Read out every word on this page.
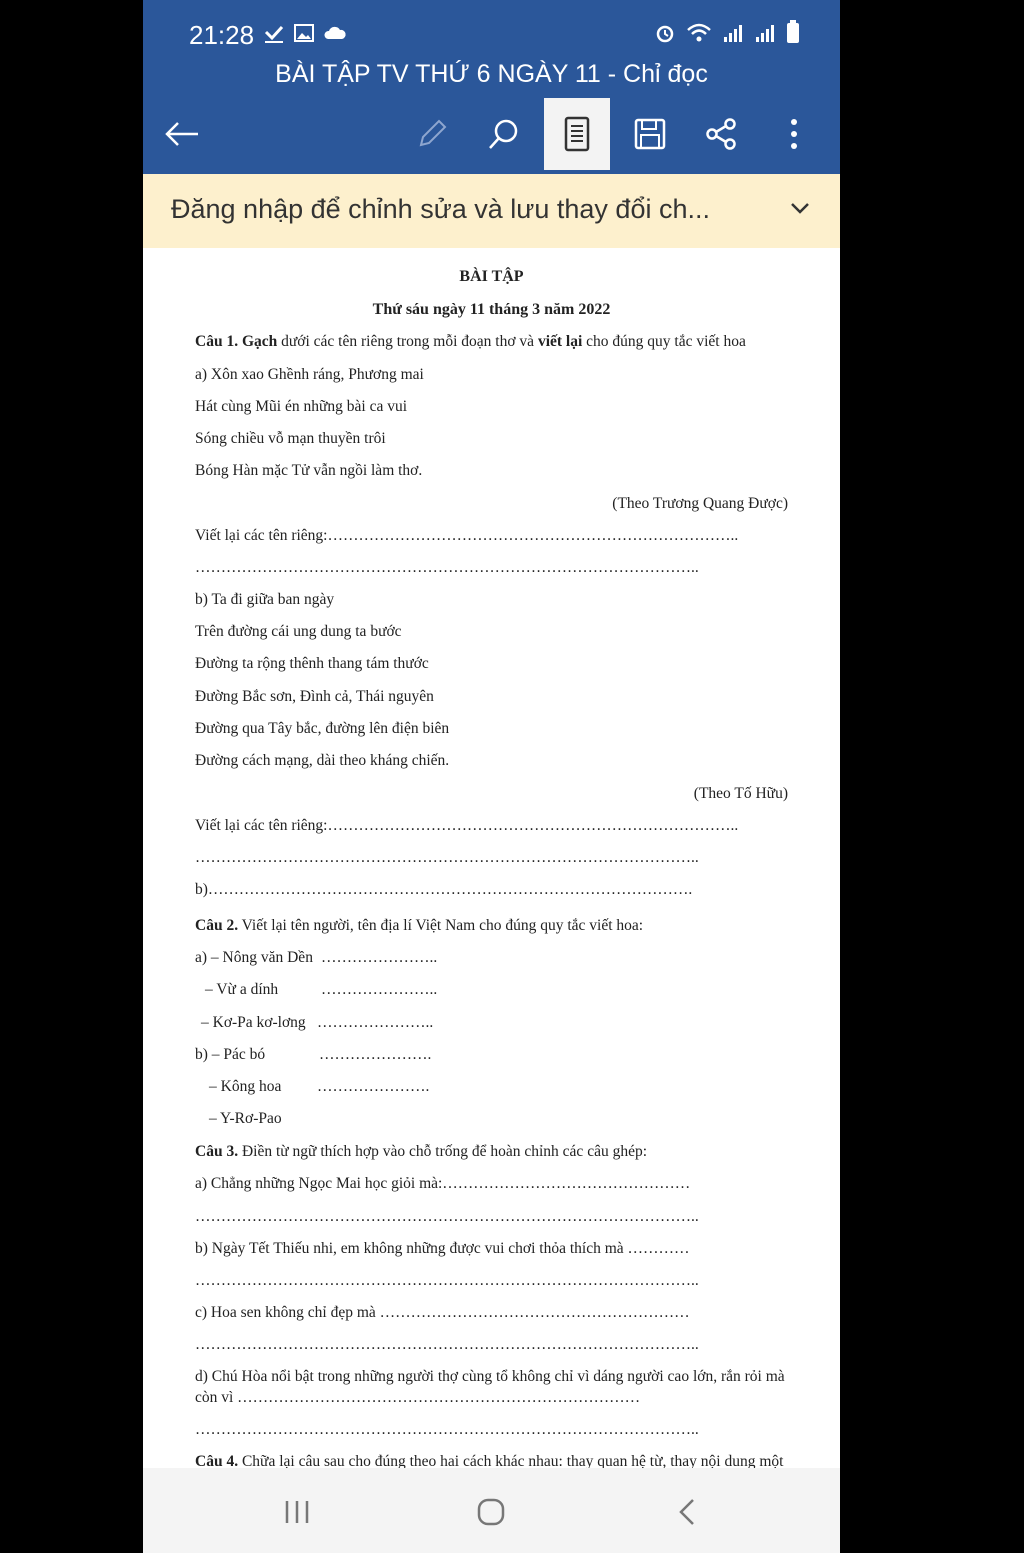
21:28
BÀI TẬP TV THỨ 6 NGÀY 11 - Chỉ đọc
Đăng nhập để chỉnh sửa và lưu thay đổi ch...
BÀI TẬP
Thứ sáu ngày 11 tháng 3 năm 2022
Câu 1. Gạch dưới các tên riêng trong mỗi đoạn thơ và viết lại cho đúng quy tắc viết hoa
a) Xôn xao Ghềnh ráng, Phương mai
Hát cùng Mũi én những bài ca vui
Sóng chiều vỗ mạn thuyền trôi
Bóng Hàn mặc Tử vẫn ngồi làm thơ.
(Theo Trương Quang Được)
Viết lại các tên riêng:……………………………………………………………………..
……………………………………………………………………………………..
b) Ta đi giữa ban ngày
Trên đường cái ung dung ta bước
Đường ta rộng thênh thang tám thước
Đường Bắc sơn, Đình cả, Thái nguyên
Đường qua Tây bắc, đường lên điện biên
Đường cách mạng, dài theo kháng chiến.
(Theo Tố Hữu)
Viết lại các tên riêng:……………………………………………………………………..
……………………………………………………………………………………..
b)………………………………………………………………………………….
Câu 2. Viết lại tên người, tên địa lí Việt Nam cho đúng quy tắc viết hoa:
a) – Nông văn Dền …………………..
– Vừ a dính	…………………..
– Kơ-Pa kơ-lơng …………………..
b) – Pác bó	………………….
– Kông hoa ………………….
– Y-Rơ-Pao
Câu 3. Điền từ ngữ thích hợp vào chỗ trống để hoàn chỉnh các câu ghép:
a) Chẳng những Ngọc Mai học giỏi mà:…………………………………………
……………………………………………………………………………………..
b) Ngày Tết Thiếu nhi, em không những được vui chơi thỏa thích mà …………
……………………………………………………………………………………..
c) Hoa sen không chỉ đẹp mà ……………………………………………………
……………………………………………………………………………………..
d) Chú Hòa nổi bật trong những người thợ cùng tổ không chỉ vì dáng người cao lớn, rắn rỏi mà
còn vì ……………………………………………………………………
……………………………………………………………………………………..
Câu 4. Chữa lại câu sau cho đúng theo hai cách khác nhau: thay quan hệ từ, thay nội dung một
